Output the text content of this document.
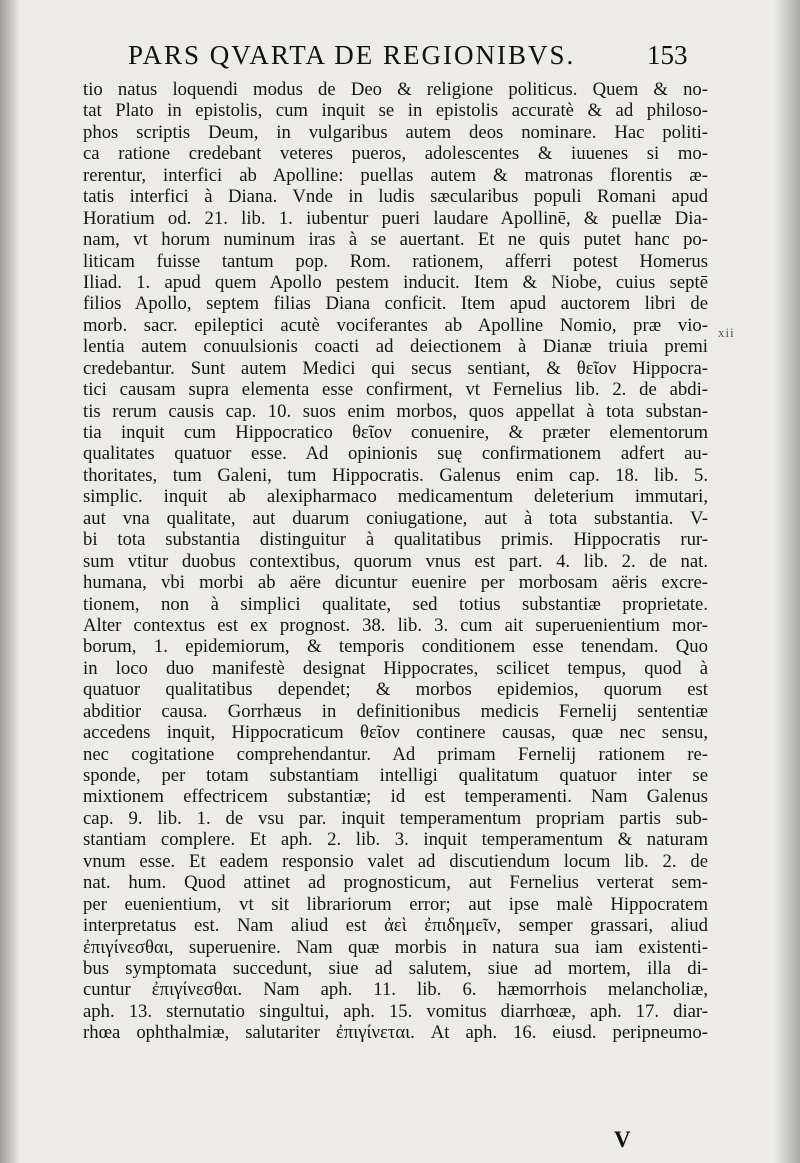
PARS QVARTA DE REGIONIBVS.	153
tio natus loquendi modus de Deo & religione politicus. Quem & no-
tat Plato in epistolis, cum inquit se in epistolis accuratè & ad philoso-
phos scriptis Deum, in vulgaribus autem deos nominare. Hac politi-
ca ratione credebant veteres pueros, adolescentes & iuuenes si mo-
rerentur, interfici ab Apolline: puellas autem & matronas florentis æ-
tatis interfici à Diana. Vnde in ludis sæcularibus populi Romani apud
Horatium od. 21. lib. 1. iubentur pueri laudare Apollinē, & puellæ Dia-
nam, vt horum numinum iras à se auertant. Et ne quis putet hanc po-
liticam fuisse tantum pop. Rom. rationem, afferri potest Homerus
Iliad. 1. apud quem Apollo pestem inducit. Item & Niobe, cuius septē
filios Apollo, septem filias Diana conficit. Item apud auctorem libri de
morb. sacr. epileptici acutè vociferantes ab Apolline Nomio, præ vio-
lentia autem conuulsionis coacti ad deiectionem à Dianæ triuia premi
credebantur. Sunt autem Medici qui secus sentiant, & θεῖον Hippocra-
tici causam supra elementa esse confirment, vt Fernelius lib. 2. de abdi-
tis rerum causis cap. 10. suos enim morbos, quos appellat à tota substan-
tia inquit cum Hippocratico θεῖον conuenire, & præter elementorum
qualitates quatuor esse. Ad opinionis suę confirmationem adfert au-
thoritates, tum Galeni, tum Hippocratis. Galenus enim cap. 18. lib. 5.
simplic. inquit ab alexipharmaco medicamentum deleterium immutari,
aut vna qualitate, aut duarum coniugatione, aut à tota substantia. V-
bi tota substantia distinguitur à qualitatibus primis. Hippocratis rur-
sum vtitur duobus contextibus, quorum vnus est part. 4. lib. 2. de nat.
humana, vbi morbi ab aëre dicuntur euenire per morbosam aëris excre-
tionem, non à simplici qualitate, sed totius substantiæ proprietate.
Alter contextus est ex prognost. 38. lib. 3. cum ait superuenientium mor-
borum, 1. epidemiorum, & temporis conditionem esse tenendam. Quo
in loco duo manifestè designat Hippocrates, scilicet tempus, quod à
quatuor qualitatibus dependet; & morbos epidemios, quorum est
abditior causa. Gorrhæus in definitionibus medicis Fernelij sententiæ
accedens inquit, Hippocraticum θεῖον continere causas, quæ nec sensu,
nec cogitatione comprehendantur. Ad primam Fernelij rationem re-
sponde, per totam substantiam intelligi qualitatum quatuor inter se
mixtionem effectricem substantiæ; id est temperamenti. Nam Galenus
cap. 9. lib. 1. de vsu par. inquit temperamentum propriam partis sub-
stantiam complere. Et aph. 2. lib. 3. inquit temperamentum & naturam
vnum esse. Et eadem responsio valet ad discutiendum locum lib. 2. de
nat. hum. Quod attinet ad prognosticum, aut Fernelius verterat sem-
per euenientium, vt sit librariorum error; aut ipse malè Hippocratem
interpretatus est. Nam aliud est ἀεὶ ἐπιδημεῖν, semper grassari, aliud
ἐπιγίνεσθαι, superuenire. Nam quæ morbis in natura sua iam existenti-
bus symptomata succedunt, siue ad salutem, siue ad mortem, illa di-
cuntur ἐπιγίνεσθαι. Nam aph. 11. lib. 6. hæmorrhois melancholiæ,
aph. 13. sternutatio singultui, aph. 15. vomitus diarrhœæ, aph. 17. diar-
rhœa ophthalmiæ, salutariter ἐπιγίνεται. At aph. 16. eiusd. peripneumo-
xii
V
